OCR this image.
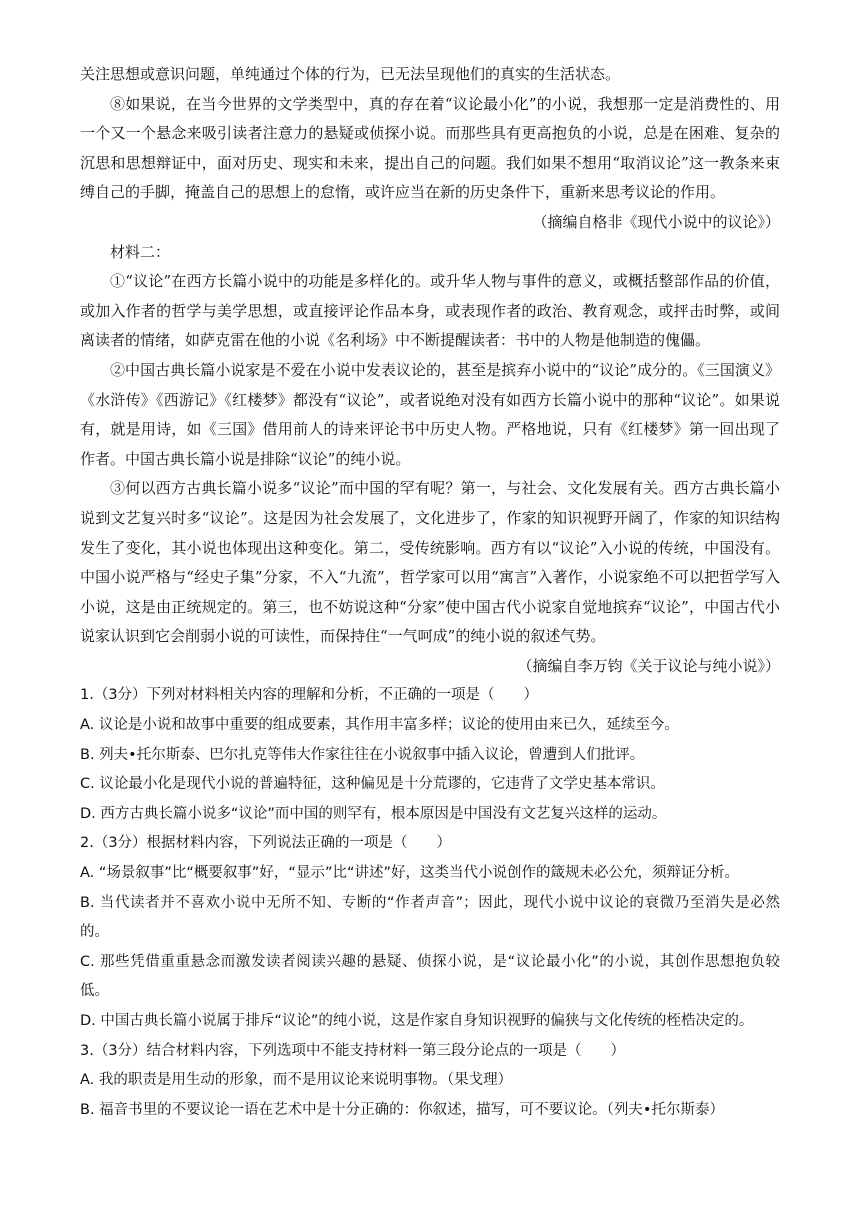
关注思想或意识问题，单纯通过个体的行为，已无法呈现他们的真实的生活状态。

⑧如果说，在当今世界的文学类型中，真的存在着“议论最小化”的小说，我想那一定是消费性的、用一个又一个悬念来吸引读者注意力的悬疑或侦探小说。而那些具有更高抱负的小说，总是在困难、复杂的沉思和思想辩证中，面对历史、现实和未来，提出自己的问题。我们如果不想用“取消议论”这一教条来束缚自己的手脚，掩盖自己的思想上的怠惰，或许应当在新的历史条件下，重新来思考议论的作用。

（摘编自格非《现代小说中的议论》）

材料二：

①“议论”在西方长篇小说中的功能是多样化的。或升华人物与事件的意义，或概括整部作品的价值，或加入作者的哲学与美学思想，或直接评论作品本身，或表现作者的政治、教育观念，或抨击时弊，或间离读者的情绪，如萨克雷在他的小说《名利场》中不断提醒读者：书中的人物是他制造的傀儡。

②中国古典长篇小说家是不爱在小说中发表议论的，甚至是摈弃小说中的“议论”成分的。《三国演义》《水浒传》《西游记》《红楼梦》都没有“议论”，或者说绝对没有如西方长篇小说中的那种“议论”。如果说有，就是用诗，如《三国》借用前人的诗来评论书中历史人物。严格地说，只有《红楼梦》第一回出现了作者。中国古典长篇小说是排除“议论”的纯小说。

③何以西方古典长篇小说多“议论”而中国的罕有呢？第一，与社会、文化发展有关。西方古典长篇小说到文艺复兴时多“议论”。这是因为社会发展了，文化进步了，作家的知识视野开阔了，作家的知识结构发生了变化，其小说也体现出这种变化。第二，受传统影响。西方有以“议论”入小说的传统，中国没有。中国小说严格与“经史子集”分家，不入“九流”，哲学家可以用“寓言”入著作，小说家绝不可以把哲学写入小说，这是由正统规定的。第三，也不妨说这种“分家”使中国古代小说家自觉地摈弃“议论”，中国古代小说家认识到它会削弱小说的可读性，而保持住“一气呵成”的纯小说的叙述气势。

（摘编自李万钧《关于议论与纯小说》）

1.（3分）下列对材料相关内容的理解和分析，不正确的一项是（　　）

A. 议论是小说和故事中重要的组成要素，其作用丰富多样；议论的使用由来已久，延续至今。

B. 列夫•托尔斯泰、巴尔扎克等伟大作家往往在小说叙事中插入议论，曾遭到人们批评。

C. 议论最小化是现代小说的普遍特征，这种偏见是十分荒谬的，它违背了文学史基本常识。

D. 西方古典长篇小说多“议论”而中国的则罕有，根本原因是中国没有文艺复兴这样的运动。

2.（3分）根据材料内容，下列说法正确的一项是（　　）

A. “场景叙事”比“概要叙事”好，“显示”比“讲述”好，这类当代小说创作的箴规未必公允，须辩证分析。

B. 当代读者并不喜欢小说中无所不知、专断的“作者声音”；因此，现代小说中议论的衰微乃至消失是必然的。

C. 那些凭借重重悬念而激发读者阅读兴趣的悬疑、侦探小说，是“议论最小化”的小说，其创作思想抱负较低。

D. 中国古典长篇小说属于排斥“议论”的纯小说，这是作家自身知识视野的偏狭与文化传统的桎梏决定的。

3.（3分）结合材料内容，下列选项中不能支持材料一第三段分论点的一项是（　　）

A. 我的职责是用生动的形象，而不是用议论来说明事物。（果戈理）

B. 福音书里的不要议论一语在艺术中是十分正确的：你叙述，描写，可不要议论。（列夫•托尔斯泰）
